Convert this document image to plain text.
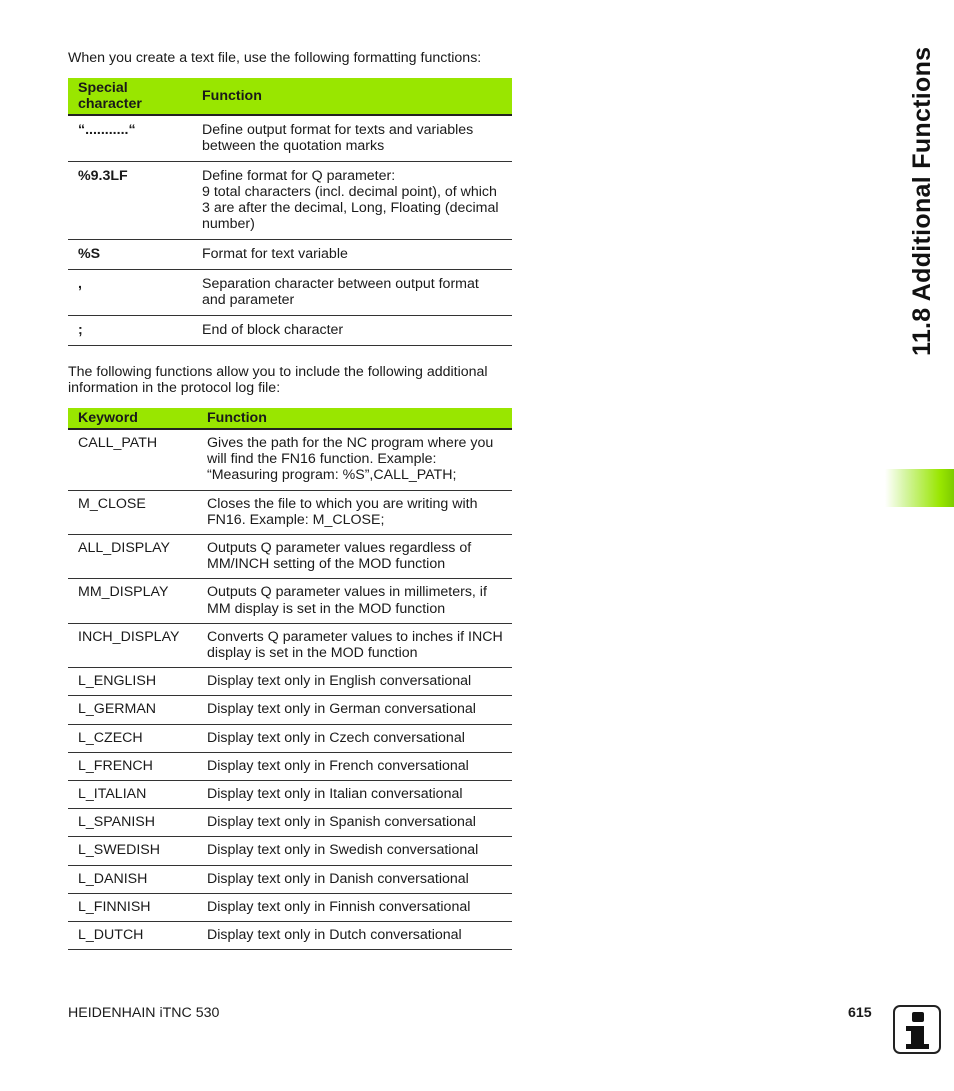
When you create a text file, use the following formatting functions:
Special
character	Function
“...........“	Define output format for texts and variables
between the quotation marks
%9.3LF	Define format for Q parameter:
9 total characters (incl. decimal point), of which
3 are after the decimal, Long, Floating (decimal
number)
%S	Format for text variable
,	Separation character between output format
and parameter
;	End of block character
The following functions allow you to include the following additional
information in the protocol log file:
Keyword	Function
CALL_PATH	Gives the path for the NC program where you
will find the FN16 function. Example:
“Measuring program: %S”,CALL_PATH;
M_CLOSE	Closes the file to which you are writing with
FN16. Example: M_CLOSE;
ALL_DISPLAY	Outputs Q parameter values regardless of
MM/INCH setting of the MOD function
MM_DISPLAY	Outputs Q parameter values in millimeters, if
MM display is set in the MOD function
INCH_DISPLAY	Converts Q parameter values to inches if INCH
display is set in the MOD function
L_ENGLISH	Display text only in English conversational
L_GERMAN	Display text only in German conversational
L_CZECH	Display text only in Czech conversational
L_FRENCH	Display text only in French conversational
L_ITALIAN	Display text only in Italian conversational
L_SPANISH	Display text only in Spanish conversational
L_SWEDISH	Display text only in Swedish conversational
L_DANISH	Display text only in Danish conversational
L_FINNISH	Display text only in Finnish conversational
L_DUTCH	Display text only in Dutch conversational
11.8 Additional Functions
HEIDENHAIN iTNC 530	615
